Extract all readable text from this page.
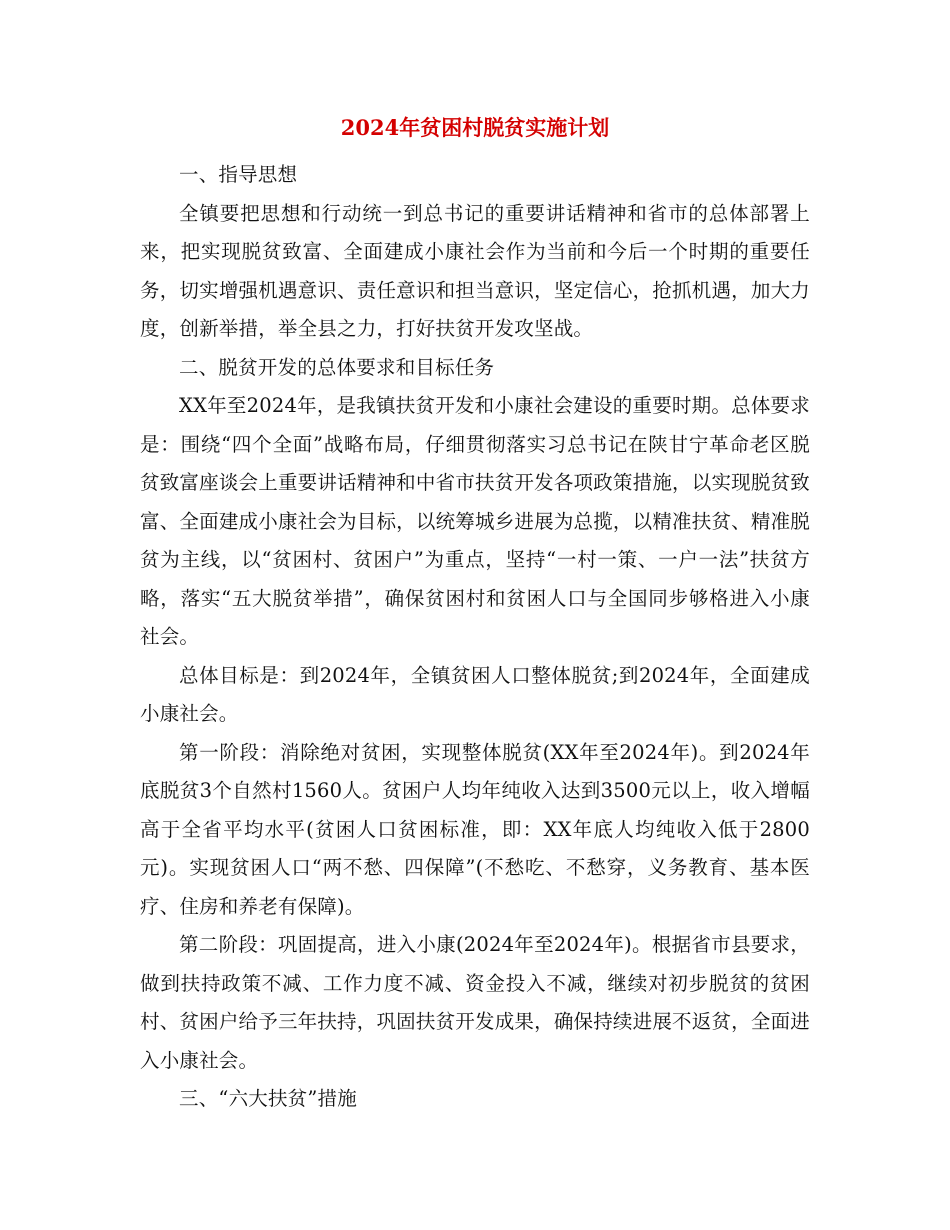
2024年贫困村脱贫实施计划

一、指导思想

全镇要把思想和行动统一到总书记的重要讲话精神和省市的总体部署上来，把实现脱贫致富、全面建成小康社会作为当前和今后一个时期的重要任务，切实增强机遇意识、责任意识和担当意识，坚定信心，抢抓机遇，加大力度，创新举措，举全县之力，打好扶贫开发攻坚战。

二、脱贫开发的总体要求和目标任务

XX年至2024年，是我镇扶贫开发和小康社会建设的重要时期。总体要求是：围绕“四个全面”战略布局，仔细贯彻落实习总书记在陕甘宁革命老区脱贫致富座谈会上重要讲话精神和中省市扶贫开发各项政策措施，以实现脱贫致富、全面建成小康社会为目标，以统筹城乡进展为总揽，以精准扶贫、精准脱贫为主线，以“贫困村、贫困户”为重点，坚持“一村一策、一户一法”扶贫方略，落实“五大脱贫举措”，确保贫困村和贫困人口与全国同步够格进入小康社会。

总体目标是：到2024年，全镇贫困人口整体脱贫;到2024年，全面建成小康社会。

第一阶段：消除绝对贫困，实现整体脱贫(XX年至2024年)。到2024年底脱贫3个自然村1560人。贫困户人均年纯收入达到3500元以上，收入增幅高于全省平均水平(贫困人口贫困标准，即：XX年底人均纯收入低于2800元)。实现贫困人口“两不愁、四保障”(不愁吃、不愁穿，义务教育、基本医疗、住房和养老有保障)。

第二阶段：巩固提高，进入小康(2024年至2024年)。根据省市县要求，做到扶持政策不减、工作力度不减、资金投入不减，继续对初步脱贫的贫困村、贫困户给予三年扶持，巩固扶贫开发成果，确保持续进展不返贫，全面进入小康社会。

三、“六大扶贫”措施
